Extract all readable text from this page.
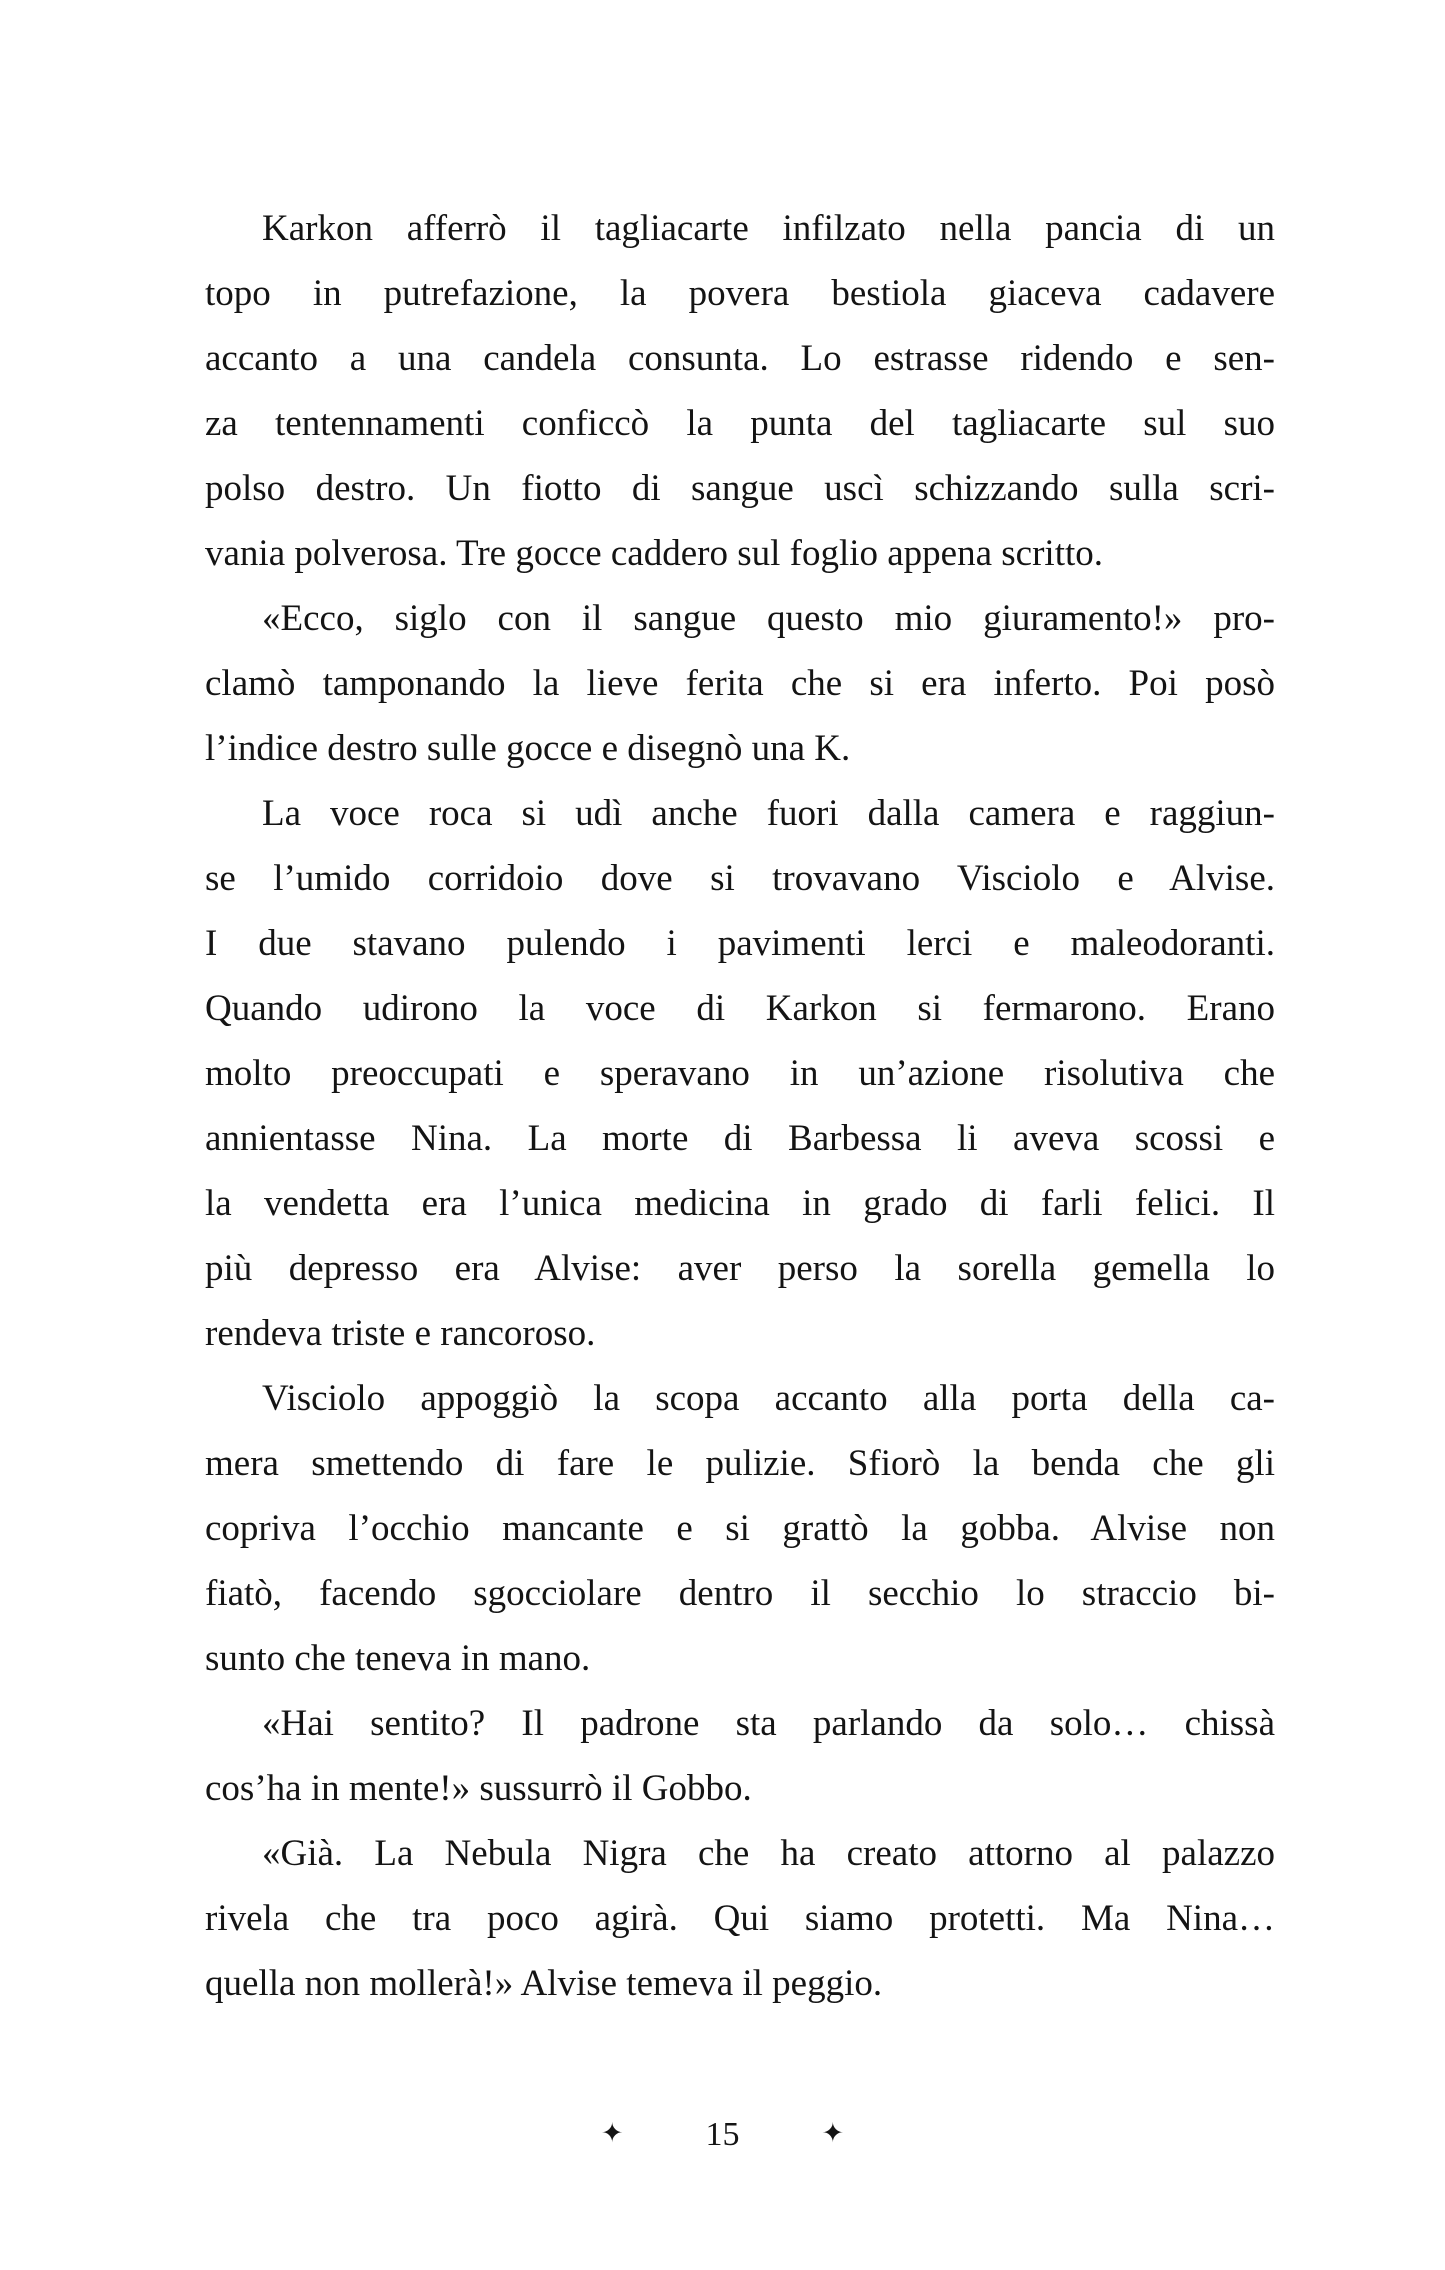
Karkon afferrò il tagliacarte infilzato nella pancia di un
topo in putrefazione, la povera bestiola giaceva cadavere
accanto a una candela consunta. Lo estrasse ridendo e sen-
za tentennamenti conficcò la punta del tagliacarte sul suo
polso destro. Un fiotto di sangue uscì schizzando sulla scri-
vania polverosa. Tre gocce caddero sul foglio appena scritto.
«Ecco, siglo con il sangue questo mio giuramento!» pro-
clamò tamponando la lieve ferita che si era inferto. Poi posò
l’indice destro sulle gocce e disegnò una K.
La voce roca si udì anche fuori dalla camera e raggiun-
se l’umido corridoio dove si trovavano Visciolo e Alvise.
I due stavano pulendo i pavimenti lerci e maleodoranti.
Quando udirono la voce di Karkon si fermarono. Erano
molto preoccupati e speravano in un’azione risolutiva che
annientasse Nina. La morte di Barbessa li aveva scossi e
la vendetta era l’unica medicina in grado di farli felici. Il
più depresso era Alvise: aver perso la sorella gemella lo
rendeva triste e rancoroso.
Visciolo appoggiò la scopa accanto alla porta della ca-
mera smettendo di fare le pulizie. Sfiorò la benda che gli
copriva l’occhio mancante e si grattò la gobba. Alvise non
fiatò, facendo sgocciolare dentro il secchio lo straccio bi-
sunto che teneva in mano.
«Hai sentito? Il padrone sta parlando da solo… chissà
cos’ha in mente!» sussurrò il Gobbo.
«Già. La Nebula Nigra che ha creato attorno al palazzo
rivela che tra poco agirà. Qui siamo protetti. Ma Nina…
quella non mollerà!» Alvise temeva il peggio.
✦ 15	✦
